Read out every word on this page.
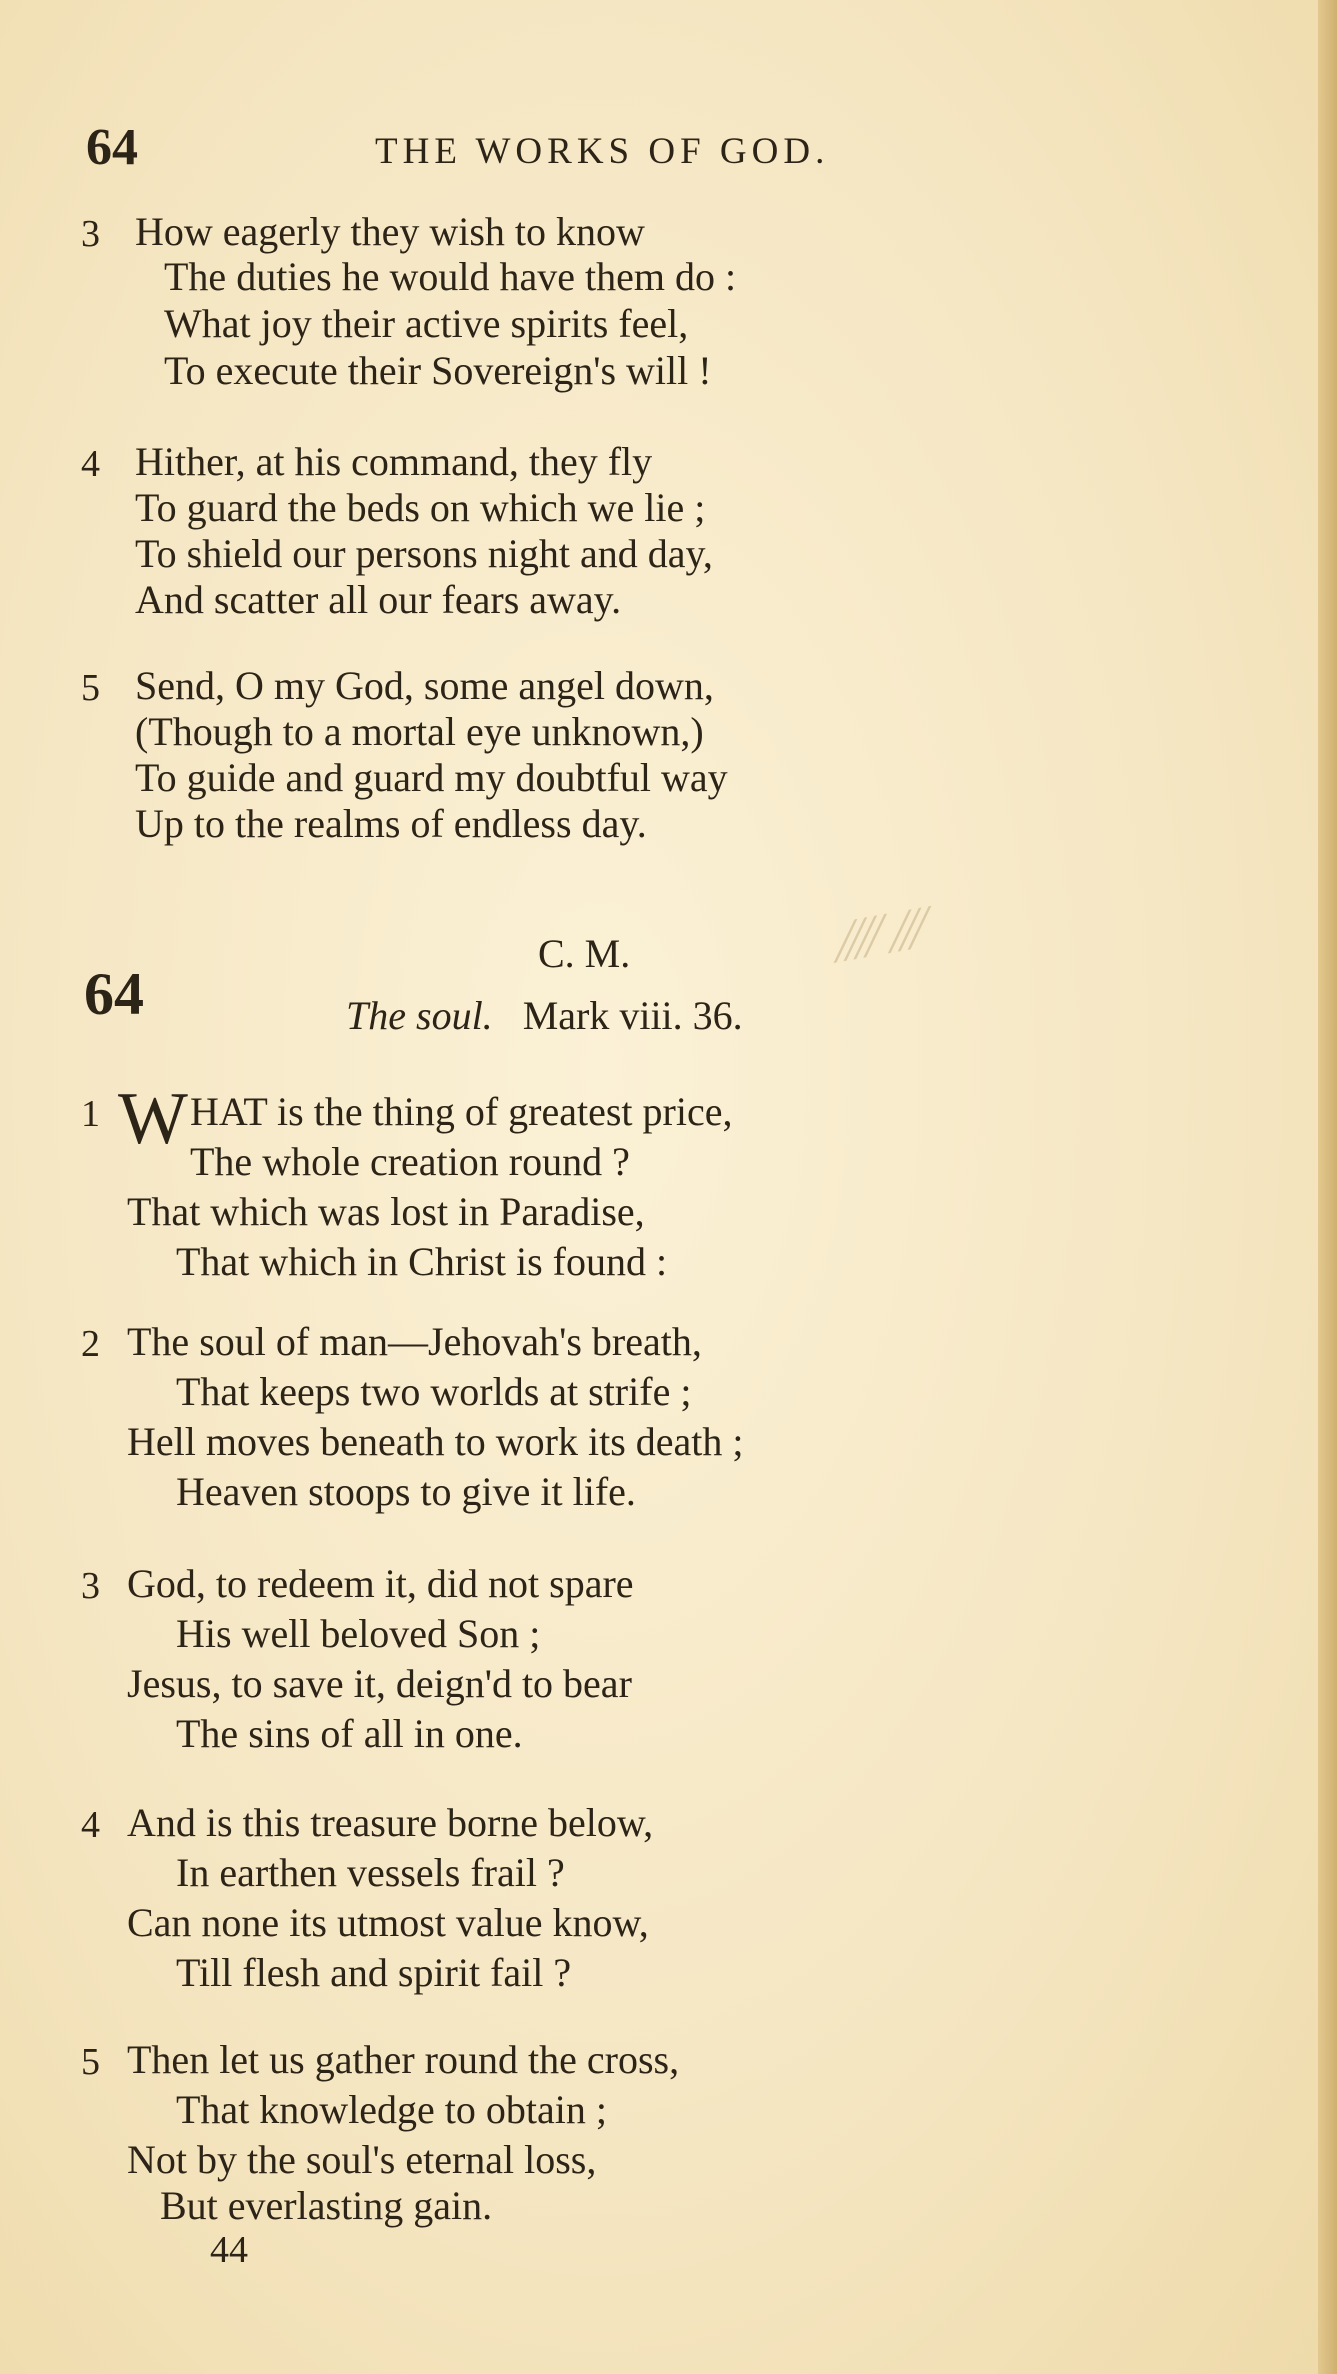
64	THE WORKS OF GOD.
3 How eagerly they wish to know
The duties he would have them do :
What joy their active spirits feel,
To execute their Sovereign's will !
4 Hither, at his command, they fly
To guard the beds on which we lie ;
To shield our persons night and day,
And scatter all our fears away.
5 Send, O my God, some angel down,
(Though to a mortal eye unknown,)
To guide and guard my doubtful way
Up to the realms of endless day.
⁄⁄⁄⁄ ∕∕∕
64
C. M.
The soul. Mark viii. 36.
1 W HAT is the thing of greatest price,
The whole creation round ?
That which was lost in Paradise,
That which in Christ is found :
2 The soul of man—Jehovah's breath,
That keeps two worlds at strife ;
Hell moves beneath to work its death ;
Heaven stoops to give it life.
3 God, to redeem it, did not spare
His well beloved Son ;
Jesus, to save it, deign'd to bear
The sins of all in one.
4 And is this treasure borne below,
In earthen vessels frail ?
Can none its utmost value know,
Till flesh and spirit fail ?
5 Then let us gather round the cross,
That knowledge to obtain ;
Not by the soul's eternal loss,
But everlasting gain.
44
